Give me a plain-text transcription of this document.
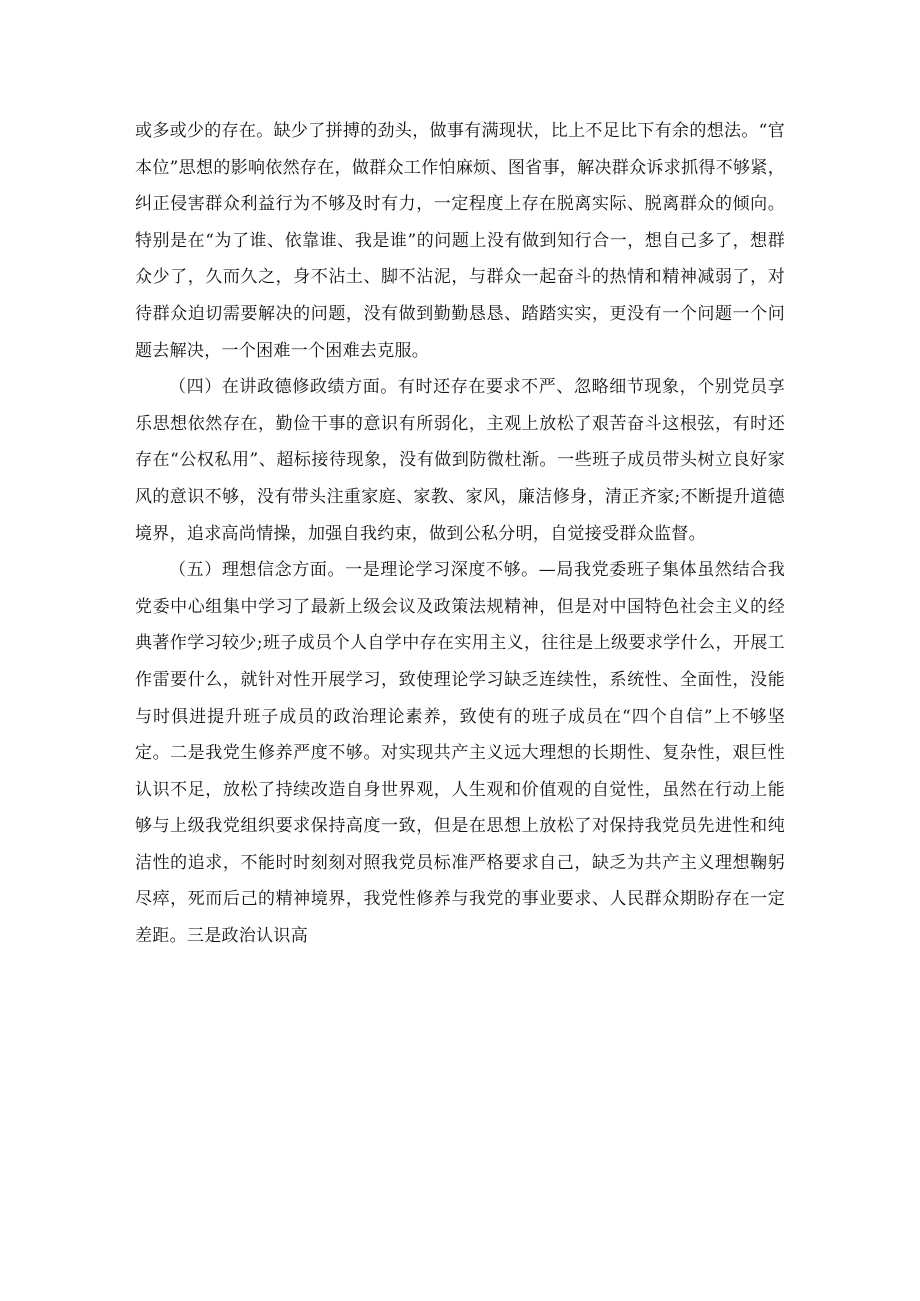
或多或少的存在。缺少了拼搏的劲头，做事有满现状，比上不足比下有余的想法。“官本位”思想的影响依然存在，做群众工作怕麻烦、图省事，解决群众诉求抓得不够紧，纠正侵害群众利益行为不够及时有力，一定程度上存在脱离实际、脱离群众的倾向。特别是在“为了谁、依靠谁、我是谁”的问题上没有做到知行合一，想自己多了，想群众少了，久而久之，身不沾土、脚不沾泥，与群众一起奋斗的热情和精神减弱了，对待群众迫切需要解决的问题，没有做到勤勤恳恳、踏踏实实，更没有一个问题一个问题去解决，一个困难一个困难去克服。

（四）在讲政德修政绩方面。有时还存在要求不严、忽略细节现象，个别党员享乐思想依然存在，勤俭干事的意识有所弱化，主观上放松了艰苦奋斗这根弦，有时还存在“公权私用”、超标接待现象，没有做到防微杜渐。一些班子成员带头树立良好家风的意识不够，没有带头注重家庭、家教、家风，廉洁修身，清正齐家;不断提升道德境界，追求高尚情操，加强自我约束，做到公私分明，自觉接受群众监督。

（五）理想信念方面。一是理论学习深度不够。—局我党委班子集体虽然结合我党委中心组集中学习了最新上级会议及政策法规精神，但是对中国特色社会主义的经典著作学习较少;班子成员个人自学中存在实用主义，往往是上级要求学什么，开展工作雷要什么，就针对性开展学习，致使理论学习缺乏连续性，系统性、全面性，没能与时俱进提升班子成员的政治理论素养，致使有的班子成员在“四个自信”上不够坚定。二是我党生修养严度不够。对实现共产主义远大理想的长期性、复杂性，艰巨性认识不足，放松了持续改造自身世界观，人生观和价值观的自觉性，虽然在行动上能够与上级我党组织要求保持高度一致，但是在思想上放松了对保持我党员先进性和纯洁性的追求，不能时时刻刻对照我党员标准严格要求自己，缺乏为共产主义理想鞠躬尽瘁，死而后己的精神境界，我党性修养与我党的事业要求、人民群众期盼存在一定差距。三是政治认识高
